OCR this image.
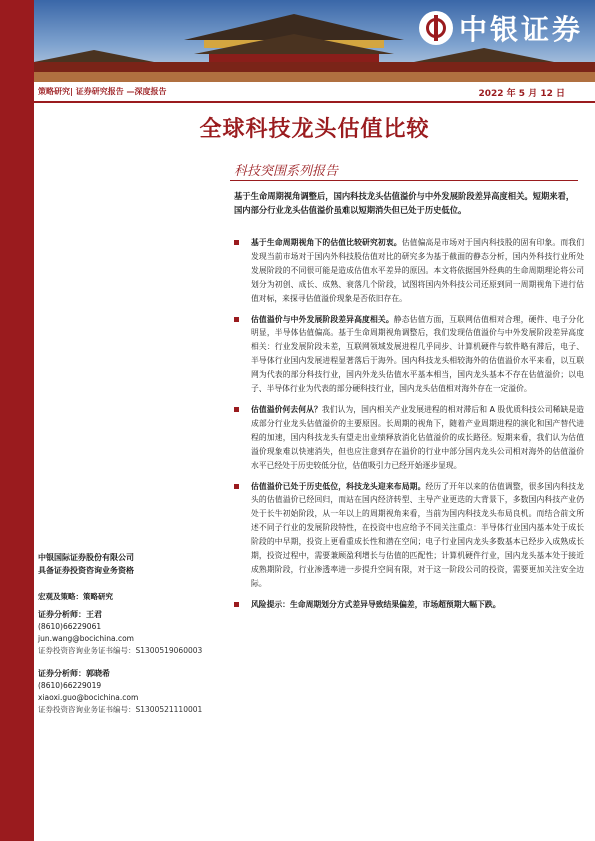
中银证券
策略研究| 证券研究报告 —深度报告	2022 年 5 月 12 日
全球科技龙头估值比较
科技突围系列报告
基于生命周期视角调整后，国内科技龙头估值溢价与中外发展阶段差异高度相关。短期来看，国内部分行业龙头估值溢价虽难以短期消失但已处于历史低位。
基于生命周期视角下的估值比较研究初衷。估值偏高是市场对于国内科技股的固有印象。而我们发现当前市场对于国内外科技股估值对比的研究多为基于截面的静态分析，国内外科技行业所处发展阶段的不同很可能是造成估值水平差异的原因。本文将依据国外经典的生命周期理论将公司划分为初创、成长、成熟、衰落几个阶段，试图将国内外科技公司还原到同一周期视角下进行估值对标，来探寻估值溢价现象是否依旧存在。
估值溢价与中外发展阶段差异高度相关。静态估值方面，互联网估值相对合理，硬件、电子分化明显，半导体估值偏高。基于生命周期视角调整后，我们发现估值溢价与中外发展阶段差异高度相关：行业发展阶段未差，互联网领域发展进程几乎同步、计算机硬件与软件略有滞后，电子、半导体行业国内发展进程显著落后于海外。国内科技龙头相较海外的估值溢价水平来看，以互联网为代表的部分科技行业，国内外龙头估值水平基本相当，国内龙头基本不存在估值溢价；以电子、半导体行业为代表的部分硬科技行业，国内龙头估值相对海外存在一定溢价。
估值溢价何去何从？我们认为，国内相关产业发展进程的相对滞后和 A 股优质科技公司稀缺是造成部分行业龙头估值溢价的主要原因。长周期的视角下，随着产业周期进程的演化和国产替代进程的加速，国内科技龙头有望走出业绩释放消化估值溢价的成长路径。短期来看，我们认为估值溢价现象难以快速消失，但也应注意到存在溢价的行业中部分国内龙头公司相对海外的估值溢价水平已经处于历史较低分位，估值吸引力已经开始逐步显现。
估值溢价已处于历史低位，科技龙头迎来布局期。经历了开年以来的估值调整，很多国内科技龙头的估值溢价已经回归，而站在国内经济转型、主导产业更迭的大背景下，多数国内科技产业仍处于长牛初始阶段，从一年以上的周期视角来看，当前为国内科技龙头布局良机。而结合前文所述不同子行业的发展阶段特性，在投资中也应给予不同关注重点：半导体行业国内基本处于成长阶段的中早期，投资上更看重成长性和潜在空间；电子行业国内龙头多数基本已经步入成熟成长期，投资过程中，需要兼顾盈利增长与估值的匹配性；计算机硬件行业，国内龙头基本处于接近成熟期阶段，行业渗透率进一步提升空间有限，对于这一阶段公司的投资，需要更加关注安全边际。
风险提示：生命周期划分方式差异导致结果偏差，市场超预期大幅下跌。
中银国际证券股份有限公司
具备证券投资咨询业务资格
宏观及策略：策略研究
证券分析师：王君
(8610)66229061
jun.wang@bocichina.com
证券投资咨询业务证书编号：S1300519060003
证券分析师：郭晓希
(8610)66229019
xiaoxi.guo@bocichina.com
证券投资咨询业务证书编号：S1300521110001
